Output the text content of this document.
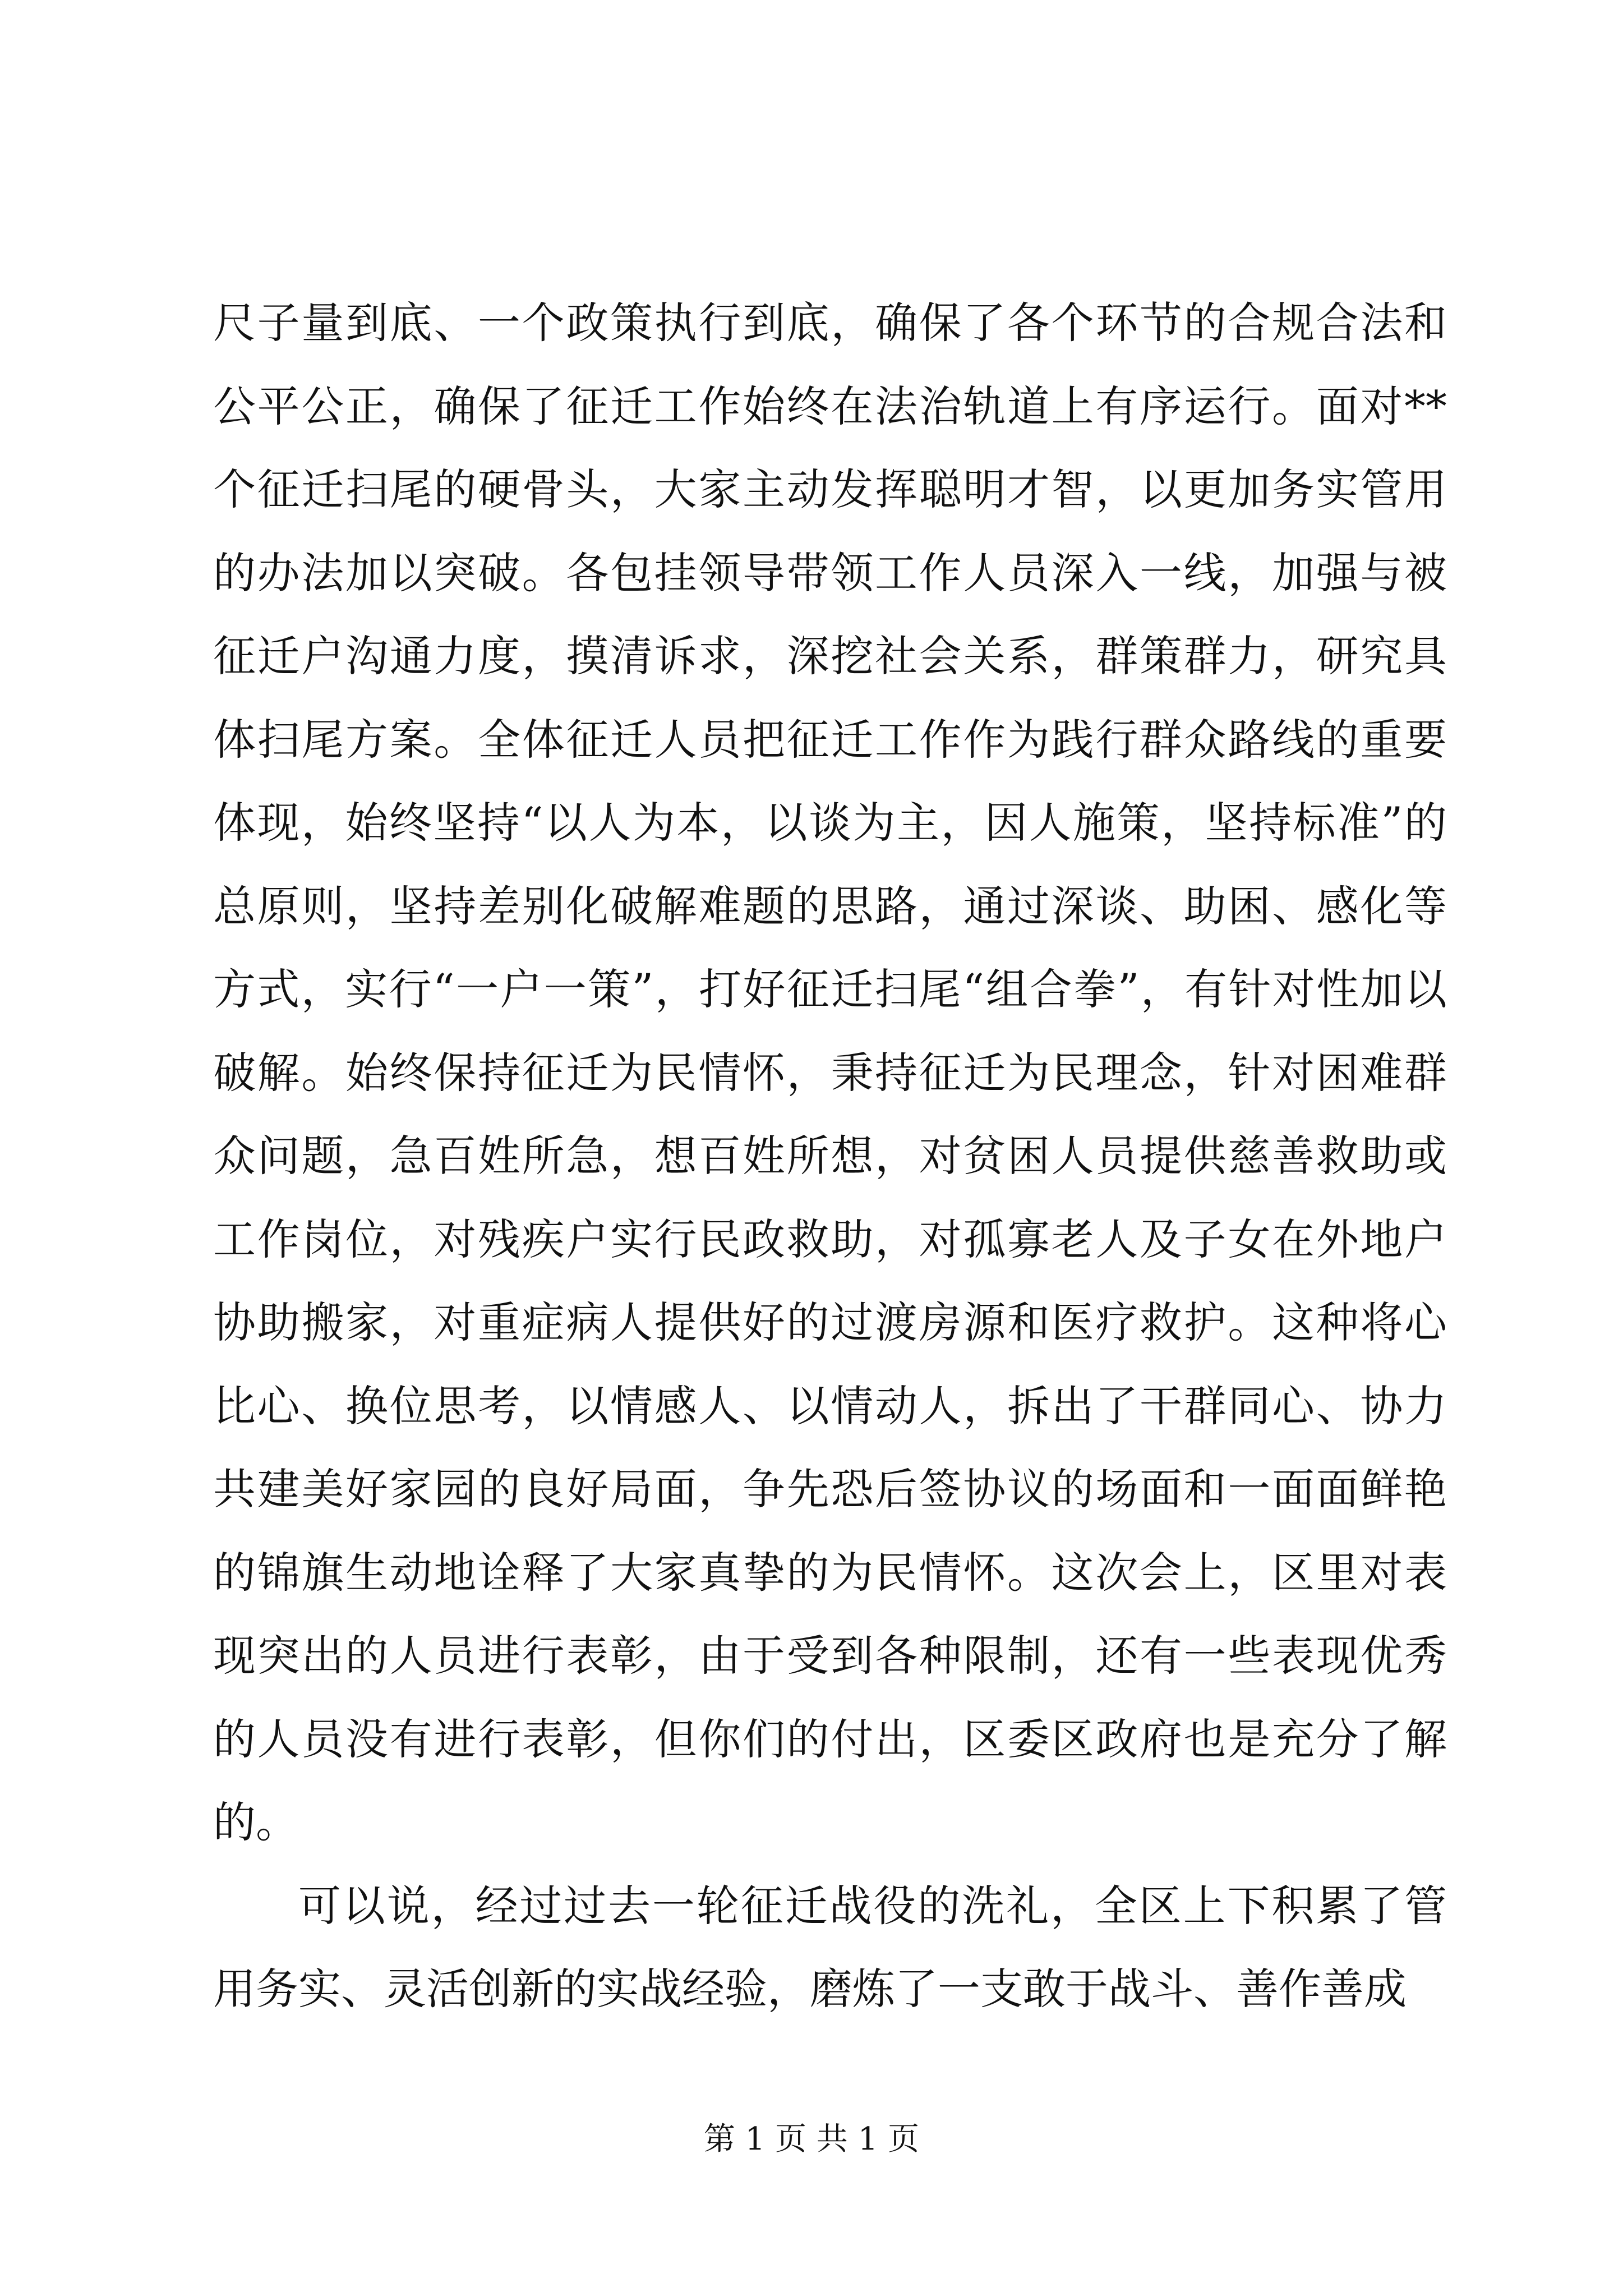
尺子量到底、一个政策执行到底，确保了各个环节的合规合法和公平公正，确保了征迁工作始终在法治轨道上有序运行。面对**个征迁扫尾的硬骨头，大家主动发挥聪明才智，以更加务实管用的办法加以突破。各包挂领导带领工作人员深入一线，加强与被征迁户沟通力度，摸清诉求，深挖社会关系，群策群力，研究具体扫尾方案。全体征迁人员把征迁工作作为践行群众路线的重要体现，始终坚持“以人为本，以谈为主，因人施策，坚持标准”的总原则，坚持差别化破解难题的思路，通过深谈、助困、感化等方式，实行“一户一策”，打好征迁扫尾“组合拳”，有针对性加以破解。始终保持征迁为民情怀，秉持征迁为民理念，针对困难群众问题，急百姓所急，想百姓所想，对贫困人员提供慈善救助或工作岗位，对残疾户实行民政救助，对孤寡老人及子女在外地户协助搬家，对重症病人提供好的过渡房源和医疗救护。这种将心比心、换位思考，以情感人、以情动人，拆出了干群同心、协力共建美好家园的良好局面，争先恐后签协议的场面和一面面鲜艳的锦旗生动地诠释了大家真挚的为民情怀。这次会上，区里对表现突出的人员进行表彰，由于受到各种限制，还有一些表现优秀的人员没有进行表彰，但你们的付出，区委区政府也是充分了解的。

可以说，经过过去一轮征迁战役的洗礼，全区上下积累了管用务实、灵活创新的实战经验，磨炼了一支敢于战斗、善作善成

第 1 页 共 1 页
